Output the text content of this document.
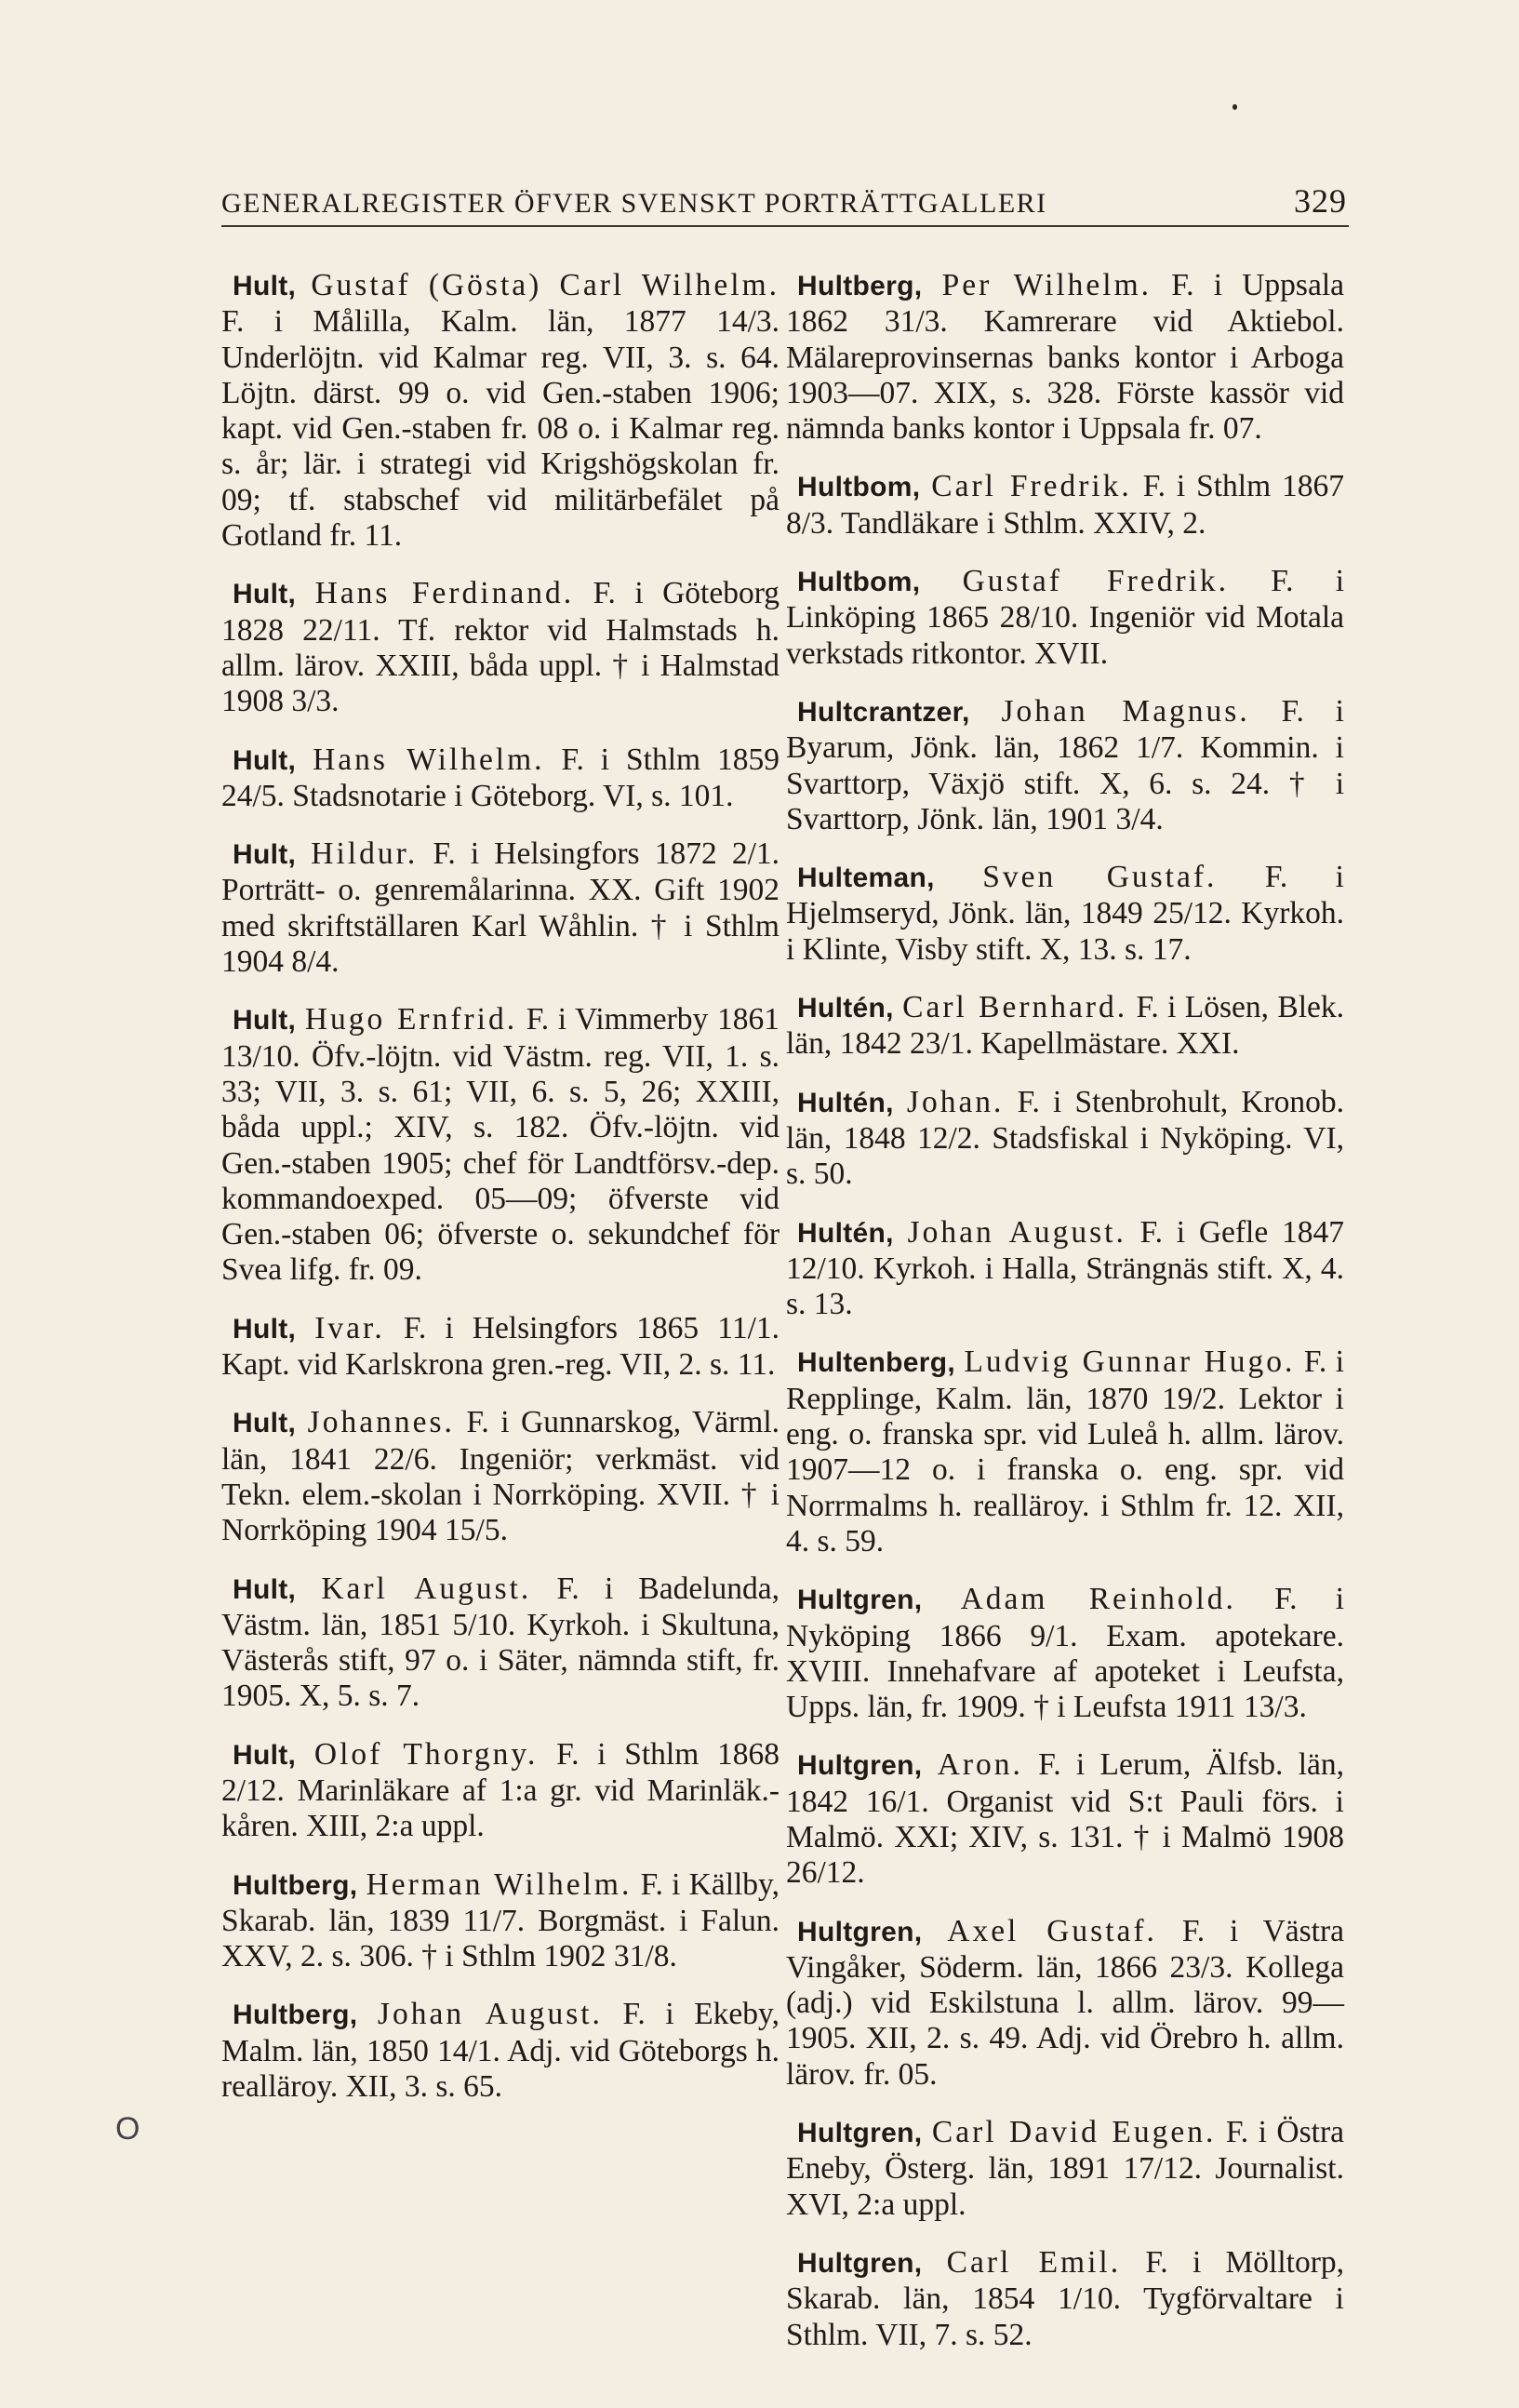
GENERALREGISTER ÖFVER SVENSKT PORTRÄTTGALLERI	329
O

Hult, Gustaf (Gösta) Carl Wilhelm. F. i Målilla, Kalm. län, 1877 14/3. Underlöjtn. vid Kalmar reg. VII, 3. s. 64. Löjtn. därst. 99 o. vid Gen.-staben 1906; kapt. vid Gen.-staben fr. 08 o. i Kalmar reg. s. år; lär. i strategi vid Krigshögskolan fr. 09; tf. stabschef vid militärbefälet på Gotland fr. 11.

Hult, Hans Ferdinand. F. i Göteborg 1828 22/11. Tf. rektor vid Halmstads h. allm. lärov. XXIII, båda uppl. † i Halmstad 1908 3/3.

Hult, Hans Wilhelm. F. i Sthlm 1859 24/5. Stadsnotarie i Göteborg. VI, s. 101.

Hult, Hildur. F. i Helsingfors 1872 2/1. Porträtt- o. genremålarinna. XX. Gift 1902 med skriftställaren Karl Wåhlin. † i Sthlm 1904 8/4.

Hult, Hugo Ernfrid. F. i Vimmerby 1861 13/10. Öfv.-löjtn. vid Västm. reg. VII, 1. s. 33; VII, 3. s. 61; VII, 6. s. 5, 26; XXIII, båda uppl.; XIV, s. 182. Öfv.-löjtn. vid Gen.-staben 1905; chef för Landtförsv.-dep. kommandoexped. 05—09; öfverste vid Gen.-staben 06; öfverste o. sekundchef för Svea lifg. fr. 09.

Hult, Ivar. F. i Helsingfors 1865 11/1. Kapt. vid Karlskrona gren.-reg. VII, 2. s. 11.

Hult, Johannes. F. i Gunnarskog, Värml. län, 1841 22/6. Ingeniör; verkmäst. vid Tekn. elem.-skolan i Norrköping. XVII. † i Norrköping 1904 15/5.

Hult, Karl August. F. i Badelunda, Västm. län, 1851 5/10. Kyrkoh. i Skultuna, Västerås stift, 97 o. i Säter, nämnda stift, fr. 1905. X, 5. s. 7.

Hult, Olof Thorgny. F. i Sthlm 1868 2/12. Marinläkare af 1:a gr. vid Marinläk.-kåren. XIII, 2:a uppl.

Hultberg, Herman Wilhelm. F. i Källby, Skarab. län, 1839 11/7. Borgmäst. i Falun. XXV, 2. s. 306. † i Sthlm 1902 31/8.

Hultberg, Johan August. F. i Ekeby, Malm. län, 1850 14/1. Adj. vid Göteborgs h. realläroy. XII, 3. s. 65.

Hultberg, Per Wilhelm. F. i Uppsala 1862 31/3. Kamrerare vid Aktiebol. Mälareprovinsernas banks kontor i Arboga 1903—07. XIX, s. 328. Förste kassör vid nämnda banks kontor i Uppsala fr. 07.

Hultbom, Carl Fredrik. F. i Sthlm 1867 8/3. Tandläkare i Sthlm. XXIV, 2.

Hultbom, Gustaf Fredrik. F. i Linköping 1865 28/10. Ingeniör vid Motala verkstads ritkontor. XVII.

Hultcrantzer, Johan Magnus. F. i Byarum, Jönk. län, 1862 1/7. Kommin. i Svarttorp, Växjö stift. X, 6. s. 24. † i Svarttorp, Jönk. län, 1901 3/4.

Hulteman, Sven Gustaf. F. i Hjelmseryd, Jönk. län, 1849 25/12. Kyrkoh. i Klinte, Visby stift. X, 13. s. 17.

Hultén, Carl Bernhard. F. i Lösen, Blek. län, 1842 23/1. Kapellmästare. XXI.

Hultén, Johan. F. i Stenbrohult, Kronob. län, 1848 12/2. Stadsfiskal i Nyköping. VI, s. 50.

Hultén, Johan August. F. i Gefle 1847 12/10. Kyrkoh. i Halla, Strängnäs stift. X, 4. s. 13.

Hultenberg, Ludvig Gunnar Hugo. F. i Repplinge, Kalm. län, 1870 19/2. Lektor i eng. o. franska spr. vid Luleå h. allm. lärov. 1907—12 o. i franska o. eng. spr. vid Norrmalms h. realläroy. i Sthlm fr. 12. XII, 4. s. 59.

Hultgren, Adam Reinhold. F. i Nyköping 1866 9/1. Exam. apotekare. XVIII. Innehafvare af apoteket i Leufsta, Upps. län, fr. 1909. † i Leufsta 1911 13/3.

Hultgren, Aron. F. i Lerum, Älfsb. län, 1842 16/1. Organist vid S:t Pauli förs. i Malmö. XXI; XIV, s. 131. † i Malmö 1908 26/12.

Hultgren, Axel Gustaf. F. i Västra Vingåker, Söderm. län, 1866 23/3. Kollega (adj.) vid Eskilstuna l. allm. lärov. 99—1905. XII, 2. s. 49. Adj. vid Örebro h. allm. lärov. fr. 05.

Hultgren, Carl David Eugen. F. i Östra Eneby, Österg. län, 1891 17/12. Journalist. XVI, 2:a uppl.

Hultgren, Carl Emil. F. i Mölltorp, Skarab. län, 1854 1/10. Tygförvaltare i Sthlm. VII, 7. s. 52.
